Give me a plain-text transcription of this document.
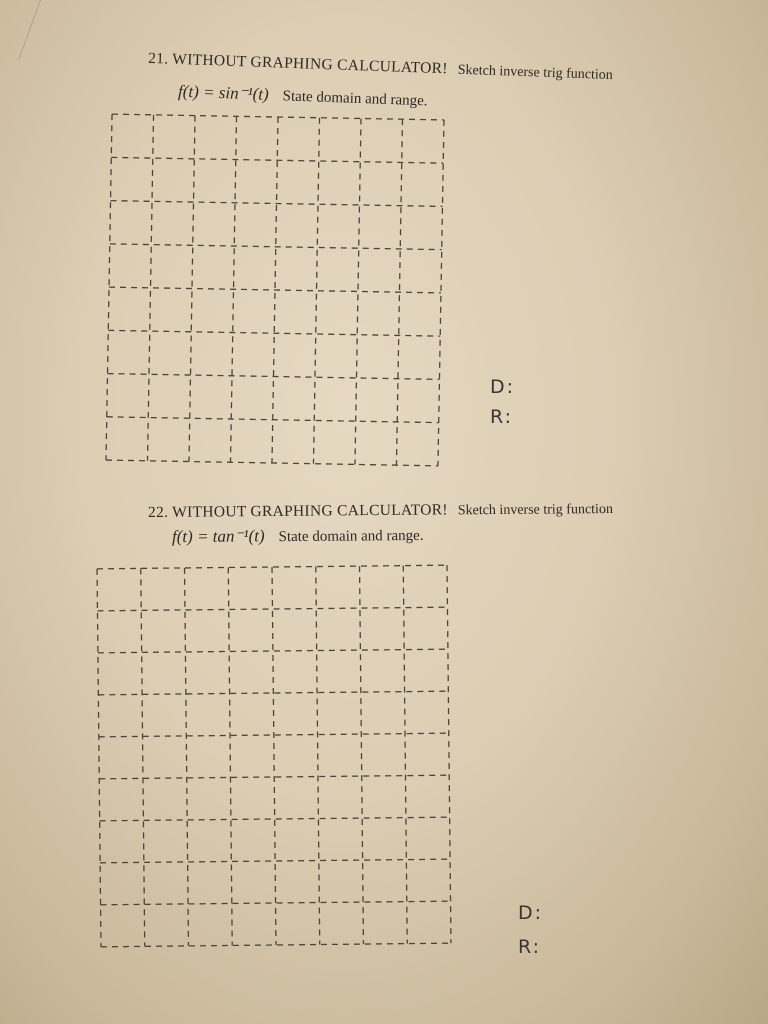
21. WITHOUT GRAPHING CALCULATOR! Sketch inverse trig function
f(t) = sin⁻¹(t) State domain and range.
D:
R:
22. WITHOUT GRAPHING CALCULATOR! Sketch inverse trig function
f(t) = tan⁻¹(t) State domain and range.
D:
R:
